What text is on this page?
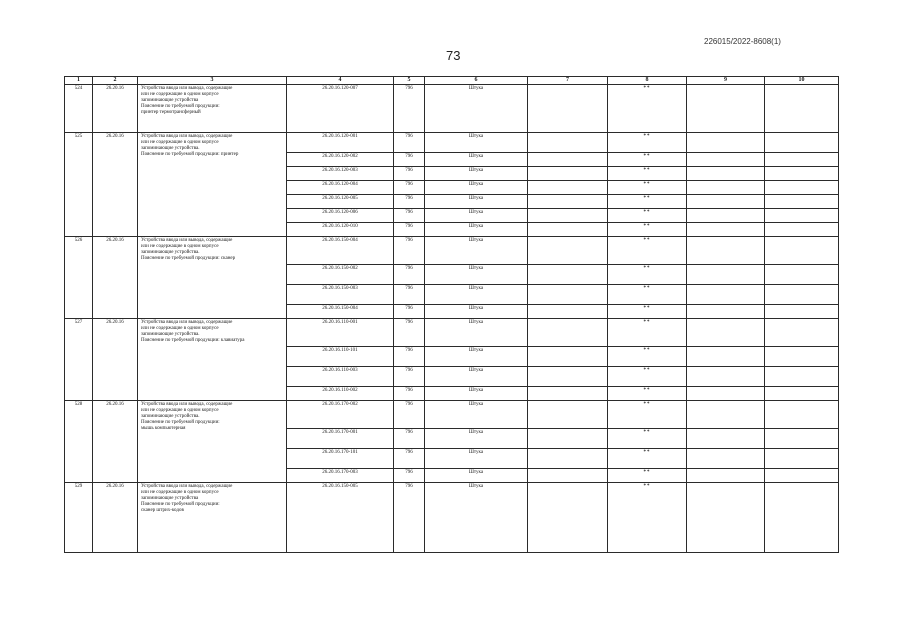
226015/2022-8608(1)
73
1	2	3	4	5	6	7	8	9	10
524	26.20.16	Устройства ввода или вывода, содержащие
или не содержащие в одном корпусе
запоминающие устройства
Пояснение по требуемой продукции:
принтер термотрансферный	26.20.16.120-007	796	Штука		**		
525	26.20.16	Устройства ввода или вывода, содержащие
или не содержащие в одном корпусе
запоминающие устройства.
Пояснение по требуемой продукции: принтер	26.20.16.120-001	796	Штука		**		
			26.20.16.120-002	796	Штука		**		
			26.20.16.120-003	796	Штука		**		
			26.20.16.120-004	796	Штука		**		
			26.20.16.120-005	796	Штука		**		
			26.20.16.120-006	796	Штука		**		
			26.20.16.120-010	796	Штука		**		
526	26.20.16	Устройства ввода или вывода, содержащие
или не содержащие в одном корпусе
запоминающие устройства.
Пояснение по требуемой продукции: сканер	26.20.16.150-004	796	Штука		**		
			26.20.16.150-002	796	Штука		**		
			26.20.16.150-003	796	Штука		**		
			26.20.16.150-004	796	Штука		**		
527	26.20.16	Устройства ввода или вывода, содержащие
или не содержащие в одном корпусе
запоминающие устройства.
Пояснение по требуемой продукции: клавиатура	26.20.16.110-001	796	Штука		**		
			26.20.16.110-101	796	Штука		**		
			26.20.16.110-003	796	Штука		**		
			26.20.16.110-002	796	Штука		**		
528	26.20.16	Устройства ввода или вывода, содержащие
или не содержащие в одном корпусе
запоминающие устройства.
Пояснение по требуемой продукции:
мышь компьютерная	26.20.16.170-002	796	Штука		**		
			26.20.16.170-001	796	Штука		**		
			26.20.16.170-101	796	Штука		**		
			26.20.16.170-003	796	Штука		**		
529	26.20.16	Устройства ввода или вывода, содержащие
или не содержащие в одном корпусе
запоминающие устройства
Пояснение по требуемой продукции:
сканер штрих-кодов	26.20.16.150-005	796	Штука		**		
